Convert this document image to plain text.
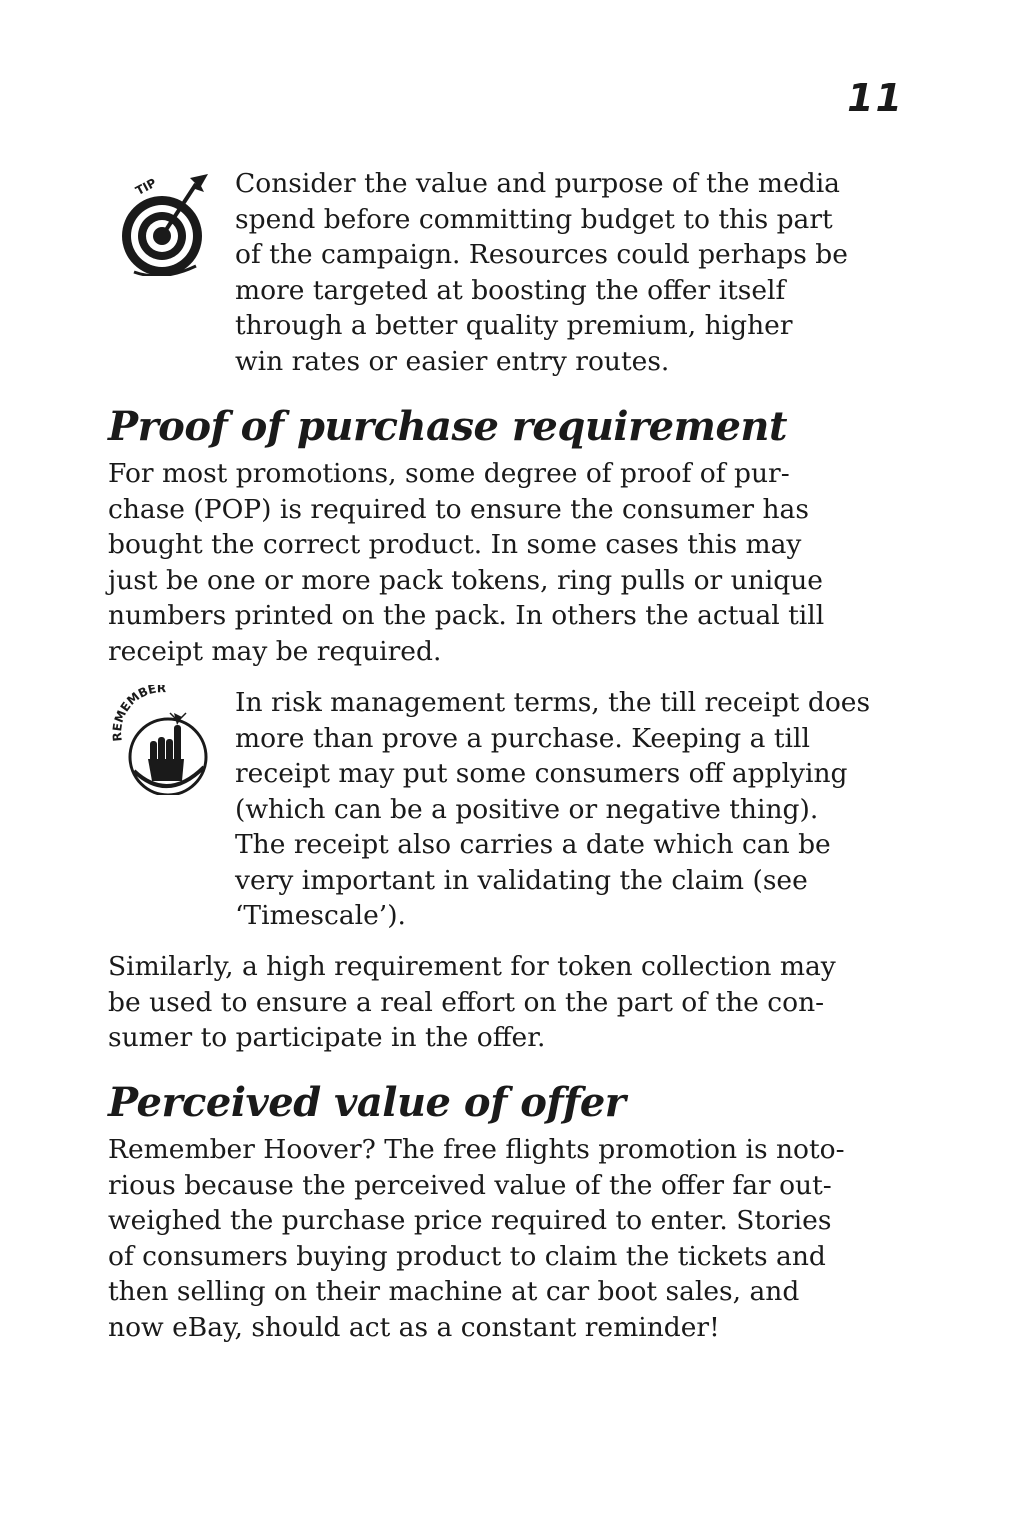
11
TIP	Consider the value and purpose of the media
spend before committing budget to this part
of the campaign. Resources could perhaps be
more targeted at boosting the offer itself
through a better quality premium, higher
win rates or easier entry routes.
Proof of purchase requirement

For most promotions, some degree of proof of pur-
chase (POP) is required to ensure the consumer has
bought the correct product. In some cases this may
just be one or more pack tokens, ring pulls or unique
numbers printed on the pack. In others the actual till
receipt may be required.

MEMBER	In risk management terms, the till receipt does
more than prove a purchase. Keeping a till
receipt may put some consumers off applying
(which can be a positive or negative thing).
The receipt also carries a date which can be
very important in validating the claim (see
‘Timescale’).

Similarly, a high requirement for token collection may
be used to ensure a real effort on the part of the con-
sumer to participate in the offer.

Perceived value of offer

Remember Hoover? The free flights promotion is noto-
rious because the perceived value of the offer far out-
weighed the purchase price required to enter. Stories
of consumers buying product to claim the tickets and
then selling on their machine at car boot sales, and
now eBay, should act as a constant reminder!
